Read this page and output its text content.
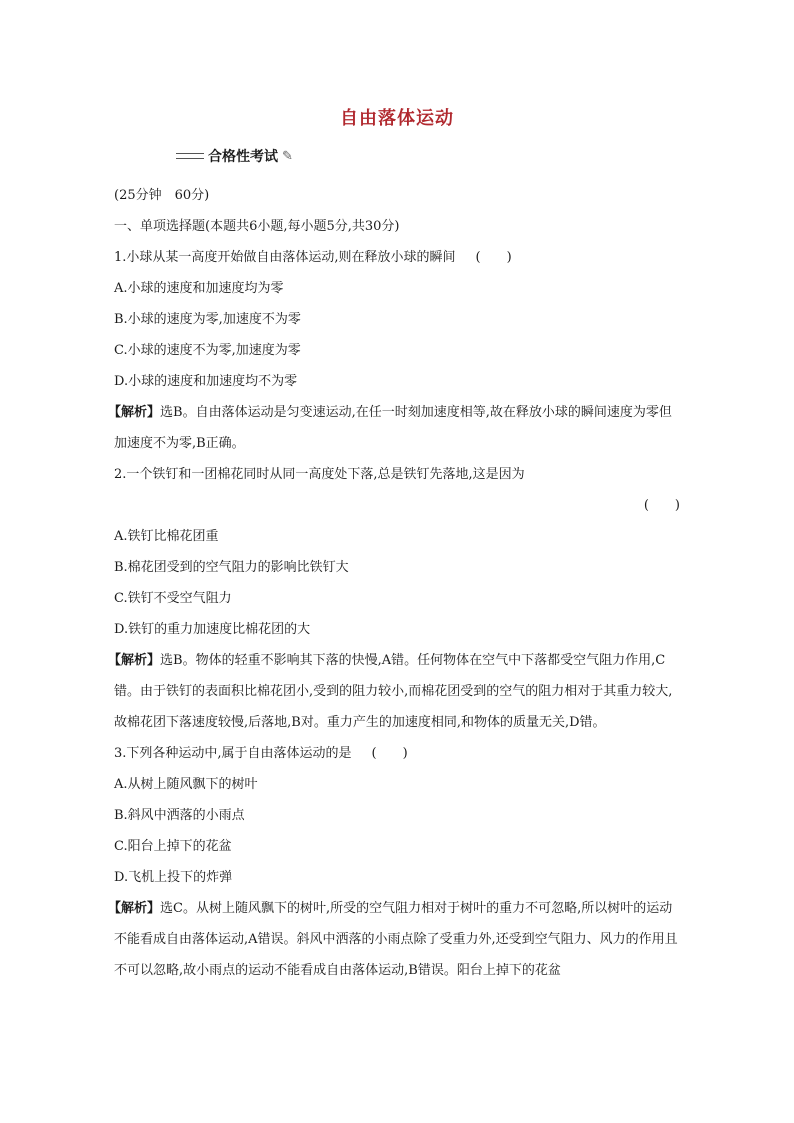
自由落体运动
合格性考试 ✎
(25分钟　60分)
一、单项选择题(本题共6小题,每小题5分,共30分)
1.小球从某一高度开始做自由落体运动,则在释放小球的瞬间 (　　)
A.小球的速度和加速度均为零
B.小球的速度为零,加速度不为零
C.小球的速度不为零,加速度为零
D.小球的速度和加速度均不为零
【解析】选B。自由落体运动是匀变速运动,在任一时刻加速度相等,故在释放小球的瞬间速度为零但加速度不为零,B正确。
2.一个铁钉和一团棉花同时从同一高度处下落,总是铁钉先落地,这是因为
(　　)
A.铁钉比棉花团重
B.棉花团受到的空气阻力的影响比铁钉大
C.铁钉不受空气阻力
D.铁钉的重力加速度比棉花团的大
【解析】选B。物体的轻重不影响其下落的快慢,A错。任何物体在空气中下落都受空气阻力作用,C错。由于铁钉的表面积比棉花团小,受到的阻力较小,而棉花团受到的空气的阻力相对于其重力较大,故棉花团下落速度较慢,后落地,B对。重力产生的加速度相同,和物体的质量无关,D错。
3.下列各种运动中,属于自由落体运动的是 (　　)
A.从树上随风飘下的树叶
B.斜风中洒落的小雨点
C.阳台上掉下的花盆
D.飞机上投下的炸弹
【解析】选C。从树上随风飘下的树叶,所受的空气阻力相对于树叶的重力不可忽略,所以树叶的运动不能看成自由落体运动,A错误。斜风中洒落的小雨点除了受重力外,还受到空气阻力、风力的作用且不可以忽略,故小雨点的运动不能看成自由落体运动,B错误。阳台上掉下的花盆
